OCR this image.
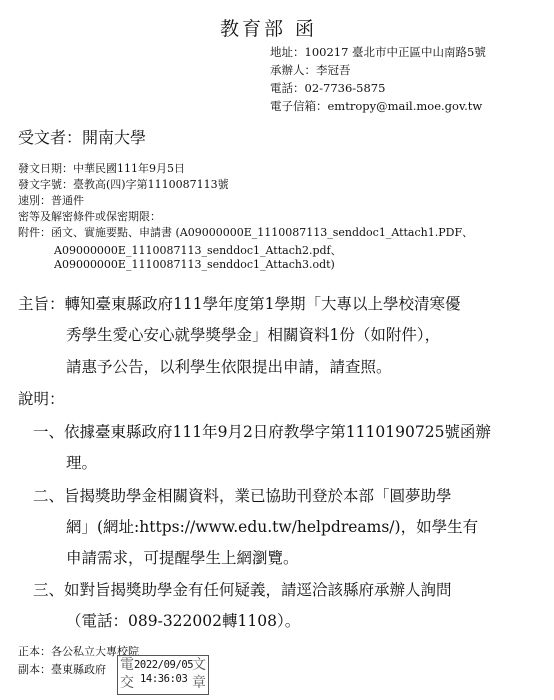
教育部 函
地址：100217 臺北市中正區中山南路5號
承辦人：李冠吾
電話：02-7736-5875
電子信箱：emtropy@mail.moe.gov.tw
受文者：開南大學
發文日期：中華民國111年9月5日
發文字號：臺教高(四)字第1110087113號
速別：普通件
密等及解密條件或保密期限：
附件：函文、實施要點、申請書 (A09000000E_1110087113_senddoc1_Attach1.PDF、
A09000000E_1110087113_senddoc1_Attach2.pdf、
A09000000E_1110087113_senddoc1_Attach3.odt)
主旨：轉知臺東縣政府111學年度第1學期「大專以上學校清寒優
秀學生愛心安心就學獎學金」相關資料1份（如附件），
請惠予公告，以利學生依限提出申請，請查照。
說明：
一、依據臺東縣政府111年9月2日府教學字第1110190725號函辦
理。
二、旨揭獎助學金相關資料，業已協助刊登於本部「圓夢助學
網」(網址:https://www.edu.tw/helpdreams/)，如學生有
申請需求，可提醒學生上網瀏覽。
三、如對旨揭獎助學金有任何疑義，請逕洽該縣府承辦人詢問
（電話：089-322002轉1108）。
正本：各公私立大專校院
副本：臺東縣政府 電
交
文
章
2022/09/05
14:36:03
